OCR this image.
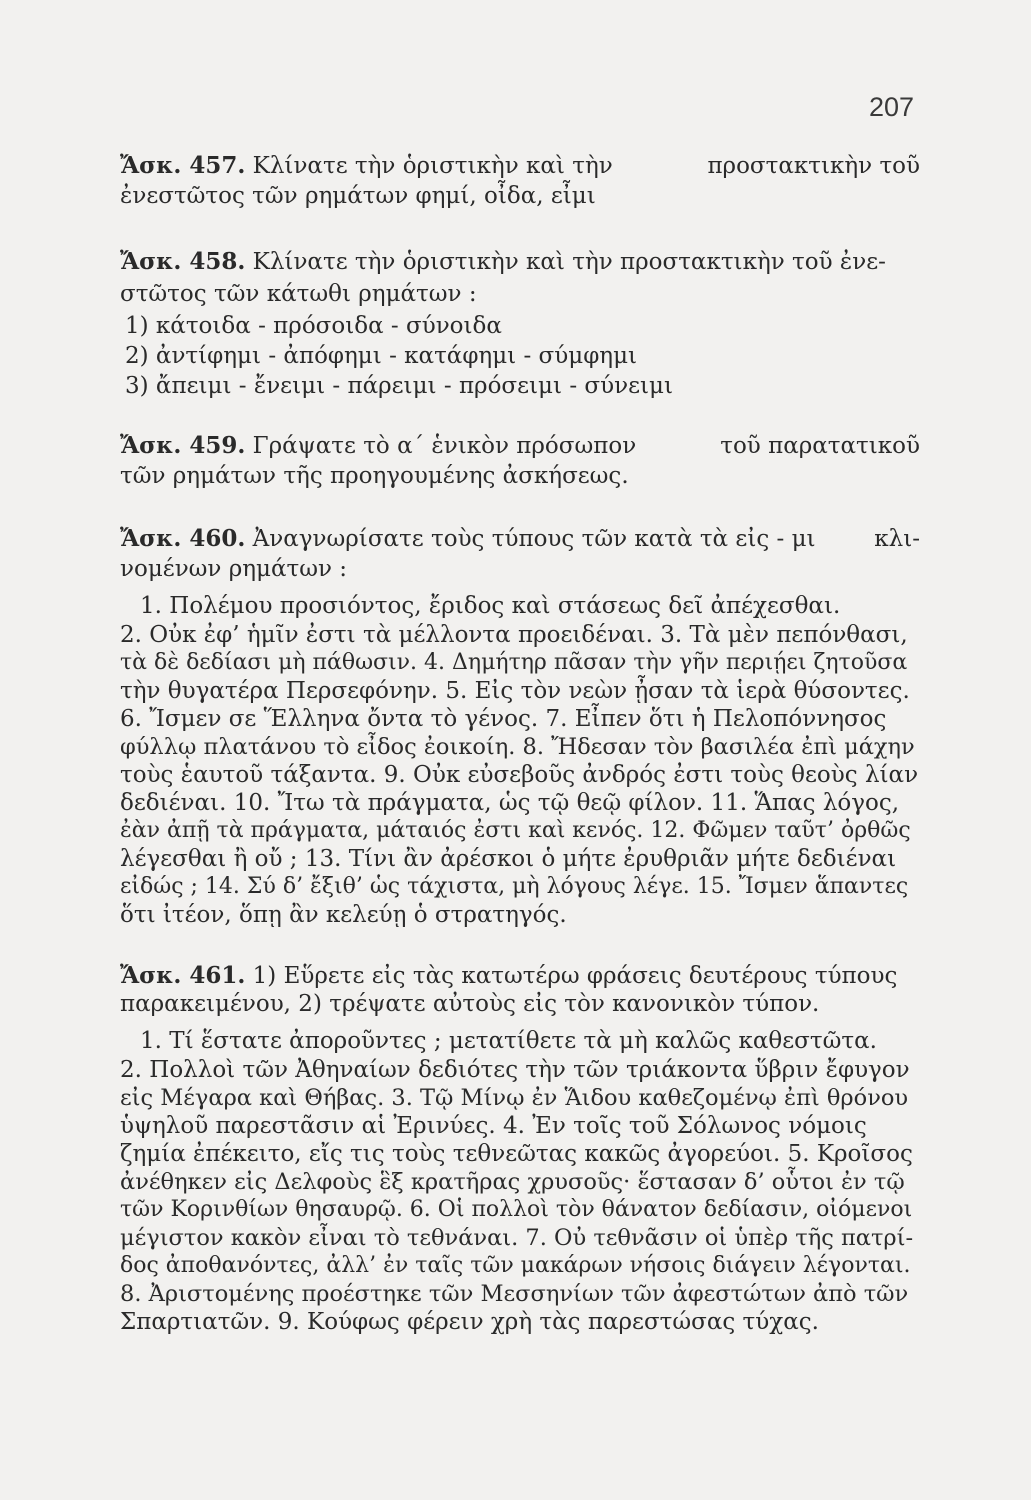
207
Ἄσκ. 457. Κλίνατε τὴν ὁριστικὴν καὶ τὴν	προστακτικὴν τοῦ
ἐνεστῶτος τῶν ρημάτων φημί, οἶδα, εἶμι
Ἄσκ. 458. Κλίνατε τὴν ὁριστικὴν καὶ τὴν προστακτικὴν τοῦ ἐνε-
στῶτος τῶν κάτωθι ρημάτων :
1) κάτοιδα - πρόσοιδα - σύνοιδα
2) ἀντίφημι - ἀπόφημι - κατάφημι - σύμφημι
3) ἄπειμι - ἔνειμι - πάρειμι - πρόσειμι - σύνειμι
Ἄσκ. 459. Γράψατε τὸ α΄ ἑνικὸν πρόσωπον	τοῦ παρατατικοῦ
τῶν ρημάτων τῆς προηγουμένης ἀσκήσεως.
Ἄσκ. 460. Ἀναγνωρίσατε τοὺς τύπους τῶν κατὰ τὰ εἰς - μι	κλι-
νομένων ρημάτων :
1. Πολέμου προσιόντος, ἔριδος καὶ στάσεως δεῖ ἀπέχεσθαι.
2. Οὐκ ἐφ’ ἡμῖν ἐστι τὰ μέλλοντα προειδέναι. 3. Τὰ μὲν πεπόνθασι,
τὰ δὲ δεδίασι μὴ πάθωσιν. 4. Δημήτηρ πᾶσαν τὴν γῆν περιῄει ζητοῦσα
τὴν θυγατέρα Περσεφόνην. 5. Εἰς τὸν νεὼν ᾖσαν τὰ ἱερὰ θύσοντες.
6. Ἴσμεν σε Ἕλληνα ὄντα τὸ γένος. 7. Εἶπεν ὅτι ἡ Πελοπόννησος
φύλλῳ πλατάνου τὸ εἶδος ἐοικοίη. 8. Ἤδεσαν τὸν βασιλέα ἐπὶ μάχην
τοὺς ἑαυτοῦ τάξαντα. 9. Οὐκ εὐσεβοῦς ἀνδρός ἐστι τοὺς θεοὺς λίαν
δεδιέναι. 10. Ἴτω τὰ πράγματα, ὡς τῷ θεῷ φίλον. 11. Ἅπας λόγος,
ἐὰν ἀπῇ τὰ πράγματα, μάταιός ἐστι καὶ κενός. 12. Φῶμεν ταῦτ’ ὀρθῶς
λέγεσθαι ἢ οὔ ; 13. Τίνι ἂν ἀρέσκοι ὁ μήτε ἐρυθριᾶν μήτε δεδιέναι
εἰδώς ; 14. Σύ δ’ ἔξιθ’ ὡς τάχιστα, μὴ λόγους λέγε. 15. Ἴσμεν ἅπαντες
ὅτι ἰτέον, ὅπῃ ἂν κελεύῃ ὁ στρατηγός.
Ἄσκ. 461. 1) Εὕρετε εἰς τὰς κατωτέρω φράσεις δευτέρους τύπους
παρακειμένου, 2) τρέψατε αὐτοὺς εἰς τὸν κανονικὸν τύπον.
1. Τί ἕστατε ἀποροῦντες ; μετατίθετε τὰ μὴ καλῶς καθεστῶτα.
2. Πολλοὶ τῶν Ἀθηναίων δεδιότες τὴν τῶν τριάκοντα ὕβριν ἔφυγον
εἰς Μέγαρα καὶ Θήβας. 3. Τῷ Μίνῳ ἐν Ἅιδου καθεζομένῳ ἐπὶ θρόνου
ὑψηλοῦ παρεστᾶσιν αἱ Ἐρινύες. 4. Ἐν τοῖς τοῦ Σόλωνος νόμοις
ζημία ἐπέκειτο, εἴς τις τοὺς τεθνεῶτας κακῶς ἀγορεύοι. 5. Κροῖσος
ἀνέθηκεν εἰς Δελφοὺς ἓξ κρατῆρας χρυσοῦς· ἕστασαν δ’ οὗτοι ἐν τῷ
τῶν Κορινθίων θησαυρῷ. 6. Οἱ πολλοὶ τὸν θάνατον δεδίασιν, οἰόμενοι
μέγιστον κακὸν εἶναι τὸ τεθνάναι. 7. Οὐ τεθνᾶσιν οἱ ὑπὲρ τῆς πατρί-
δος ἀποθανόντες, ἀλλ’ ἐν ταῖς τῶν μακάρων νήσοις διάγειν λέγονται.
8. Ἀριστομένης προέστηκε τῶν Μεσσηνίων τῶν ἀφεστώτων ἀπὸ τῶν
Σπαρτιατῶν. 9. Κούφως φέρειν χρὴ τὰς παρεστώσας τύχας.
